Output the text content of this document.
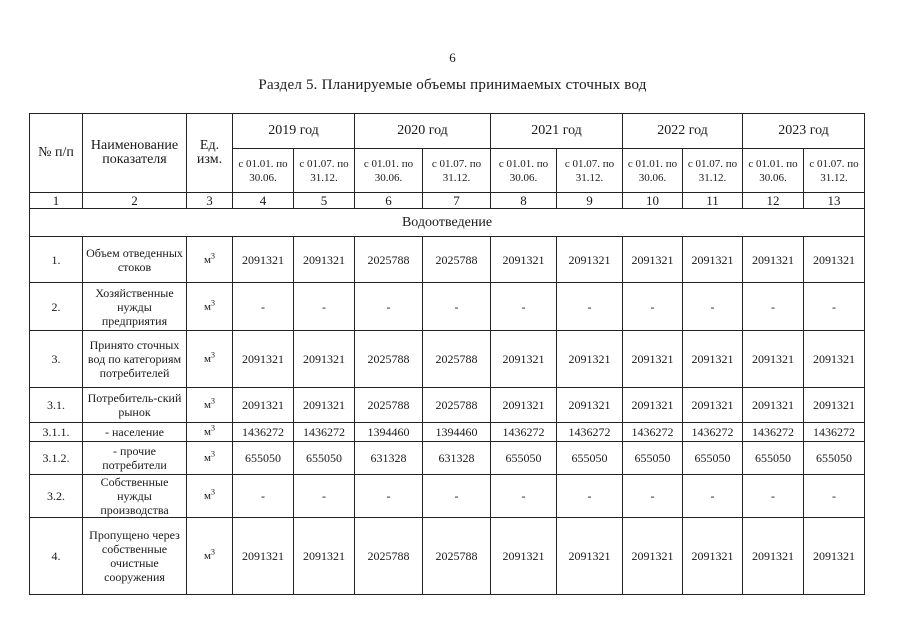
6
Раздел 5. Планируемые объемы принимаемых сточных вод
№ п/п	Наименование показателя	Ед. изм.	2019 год		2020 год		2021 год		2022 год		2023 год	
			с 01.01. по 30.06.	с 01.07. по 31.12.	с 01.01. по 30.06.	с 01.07. по 31.12.	с 01.01. по 30.06.	с 01.07. по 31.12.	с 01.01. по 30.06.	с 01.07. по 31.12.	с 01.01. по 30.06.	с 01.07. по 31.12.
1	2	3	4	5	6	7	8	9	10	11	12	13
Водоотведение												
1.	Объем отведенных стоков	$м^3$	2091321	2091321	2025788	2025788	2091321	2091321	2091321	2091321	2091321	2091321
2.	Хозяйственные нужды предприятия	$м^3$	-	-	-	-	-	-	-	-	-	-
3.	Принято сточных вод по категориям потребителей	$м^3$	2091321	2091321	2025788	2025788	2091321	2091321	2091321	2091321	2091321	2091321
3.1.	Потребитель-ский рынок	$м^3$	2091321	2091321	2025788	2025788	2091321	2091321	2091321	2091321	2091321	2091321
3.1.1.	- население	$м^3$	1436272	1436272	1394460	1394460	1436272	1436272	1436272	1436272	1436272	1436272
3.1.2.	- прочие потребители	$м^3$	655050	655050	631328	631328	655050	655050	655050	655050	655050	655050
3.2.	Собственные нужды производства	$м^3$	-	-	-	-	-	-	-	-	-	-
4.	Пропущено через собственные очистные сооружения	$м^3$	2091321	2091321	2025788	2025788	2091321	2091321	2091321	2091321	2091321	2091321
